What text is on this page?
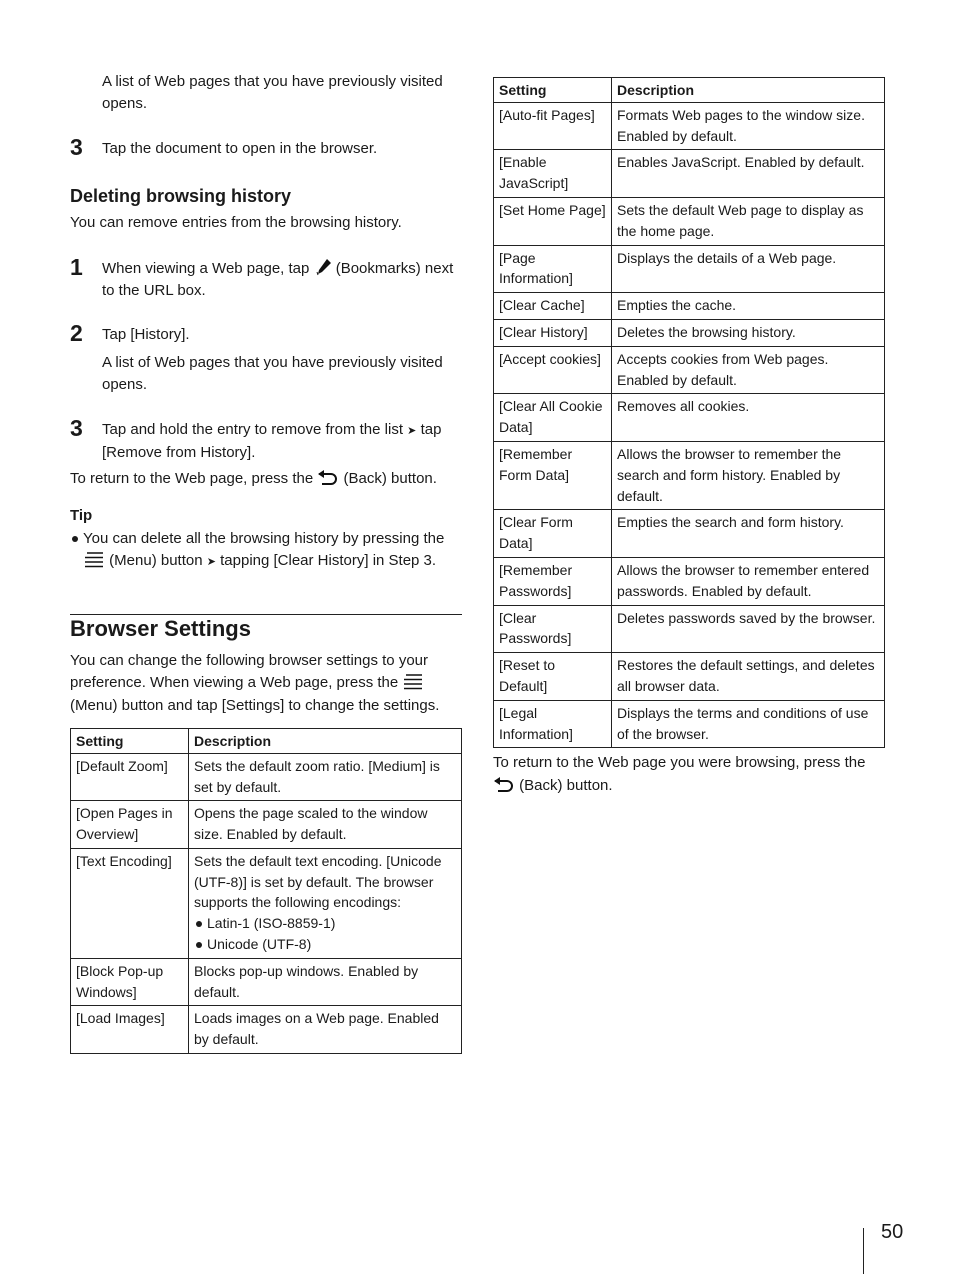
A list of Web pages that you have previously visited opens.
3 Tap the document to open in the browser.
Deleting browsing history
You can remove entries from the browsing history.
1 When viewing a Web page, tap (Bookmarks) next to the URL box.
2 Tap [History].
A list of Web pages that you have previously visited opens.
3 Tap and hold the entry to remove from the list ➤ tap [Remove from History].
To return to the Web page, press the (Back) button.
Tip
You can delete all the browsing history by pressing the  (Menu) button ➤ tapping [Clear History] in Step 3.
Browser Settings
You can change the following browser settings to your preference. When viewing a Web page, press the  (Menu) button and tap [Settings] to change the settings.
Setting	Description
[Default Zoom]	Sets the default zoom ratio. [Medium] is set by default.

[Open Pages in Overview]	Opens the page scaled to the window size. Enabled by default.

[Text Encoding]	Sets the default text encoding. [Unicode (UTF-8)] is set by default. The browser supports the following encodings:
Latin-1 (ISO-8859-1)
Unicode (UTF-8)

[Block Pop-up Windows]	Blocks pop-up windows. Enabled by default.

[Load Images]	Loads images on a Web page. Enabled by default.
Setting	Description
[Auto-fit Pages]	Formats Web pages to the window size. Enabled by default.

[Enable JavaScript]	Enables JavaScript. Enabled by default.

[Set Home Page]	Sets the default Web page to display as the home page.

[Page Information]	Displays the details of a Web page.

[Clear Cache]	Empties the cache.

[Clear History]	Deletes the browsing history.

[Accept cookies]	Accepts cookies from Web pages. Enabled by default.

[Clear All Cookie Data]	Removes all cookies.

[Remember Form Data]	Allows the browser to remember the search and form history. Enabled by default.

[Clear Form Data]	Empties the search and form history.

[Remember Passwords]	Allows the browser to remember entered passwords. Enabled by default.

[Clear Passwords]	Deletes passwords saved by the browser.

[Reset to Default]	Restores the default settings, and deletes all browser data.

[Legal Information]	Displays the terms and conditions of use of the browser.
To return to the Web page you were browsing, press the  (Back) button.
50
